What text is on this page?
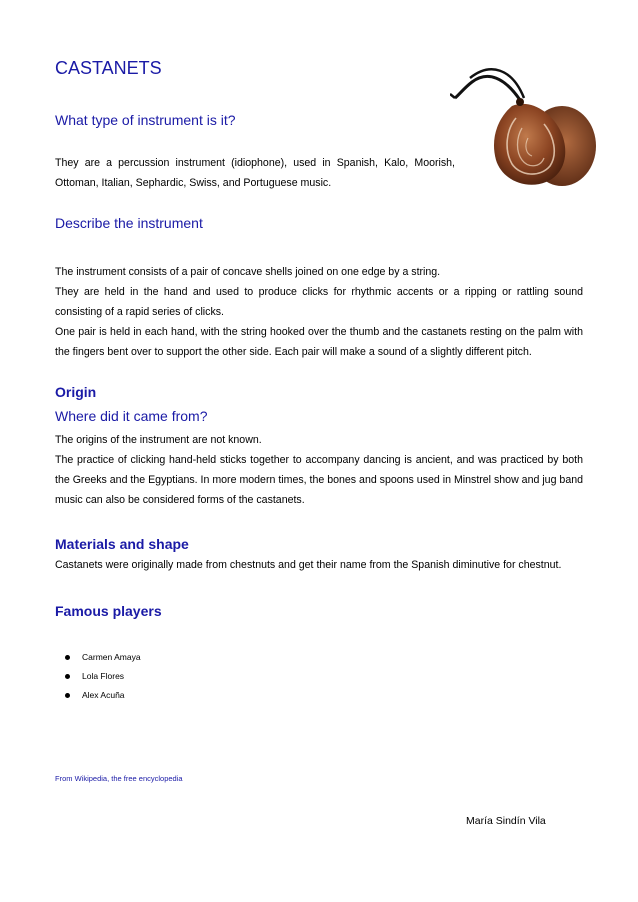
CASTANETS
What type of instrument is it?

They are a percussion instrument (idiophone), used in Spanish, Kalo, Moorish,

Ottoman, Italian, Sephardic, Swiss, and Portuguese music.

Describe the instrument

The instrument consists of a pair of concave shells joined on one edge by a string.

They are held in the hand and used to produce clicks for rhythmic accents or a ripping or rattling sound consisting of a rapid series of clicks.

One pair is held in each hand, with the string hooked over the thumb and the castanets resting on the palm with the fingers bent over to support the other side. Each pair will make a sound of a slightly different pitch.

Origin
Where did it came from?

The origins of the instrument are not known.

The practice of clicking hand-held sticks together to accompany dancing is ancient, and was practiced by both the Greeks and the Egyptians. In more modern times, the bones and spoons used in Minstrel show and jug band music can also be considered forms of the castanets.

Materials and shape

Castanets were originally made from chestnuts and get their name from the Spanish diminutive for chestnut.

Famous players
Carmen Amaya
Lola Flores
Alex Acuña
From Wikipedia, the free encyclopedia
María Sindín Vila
